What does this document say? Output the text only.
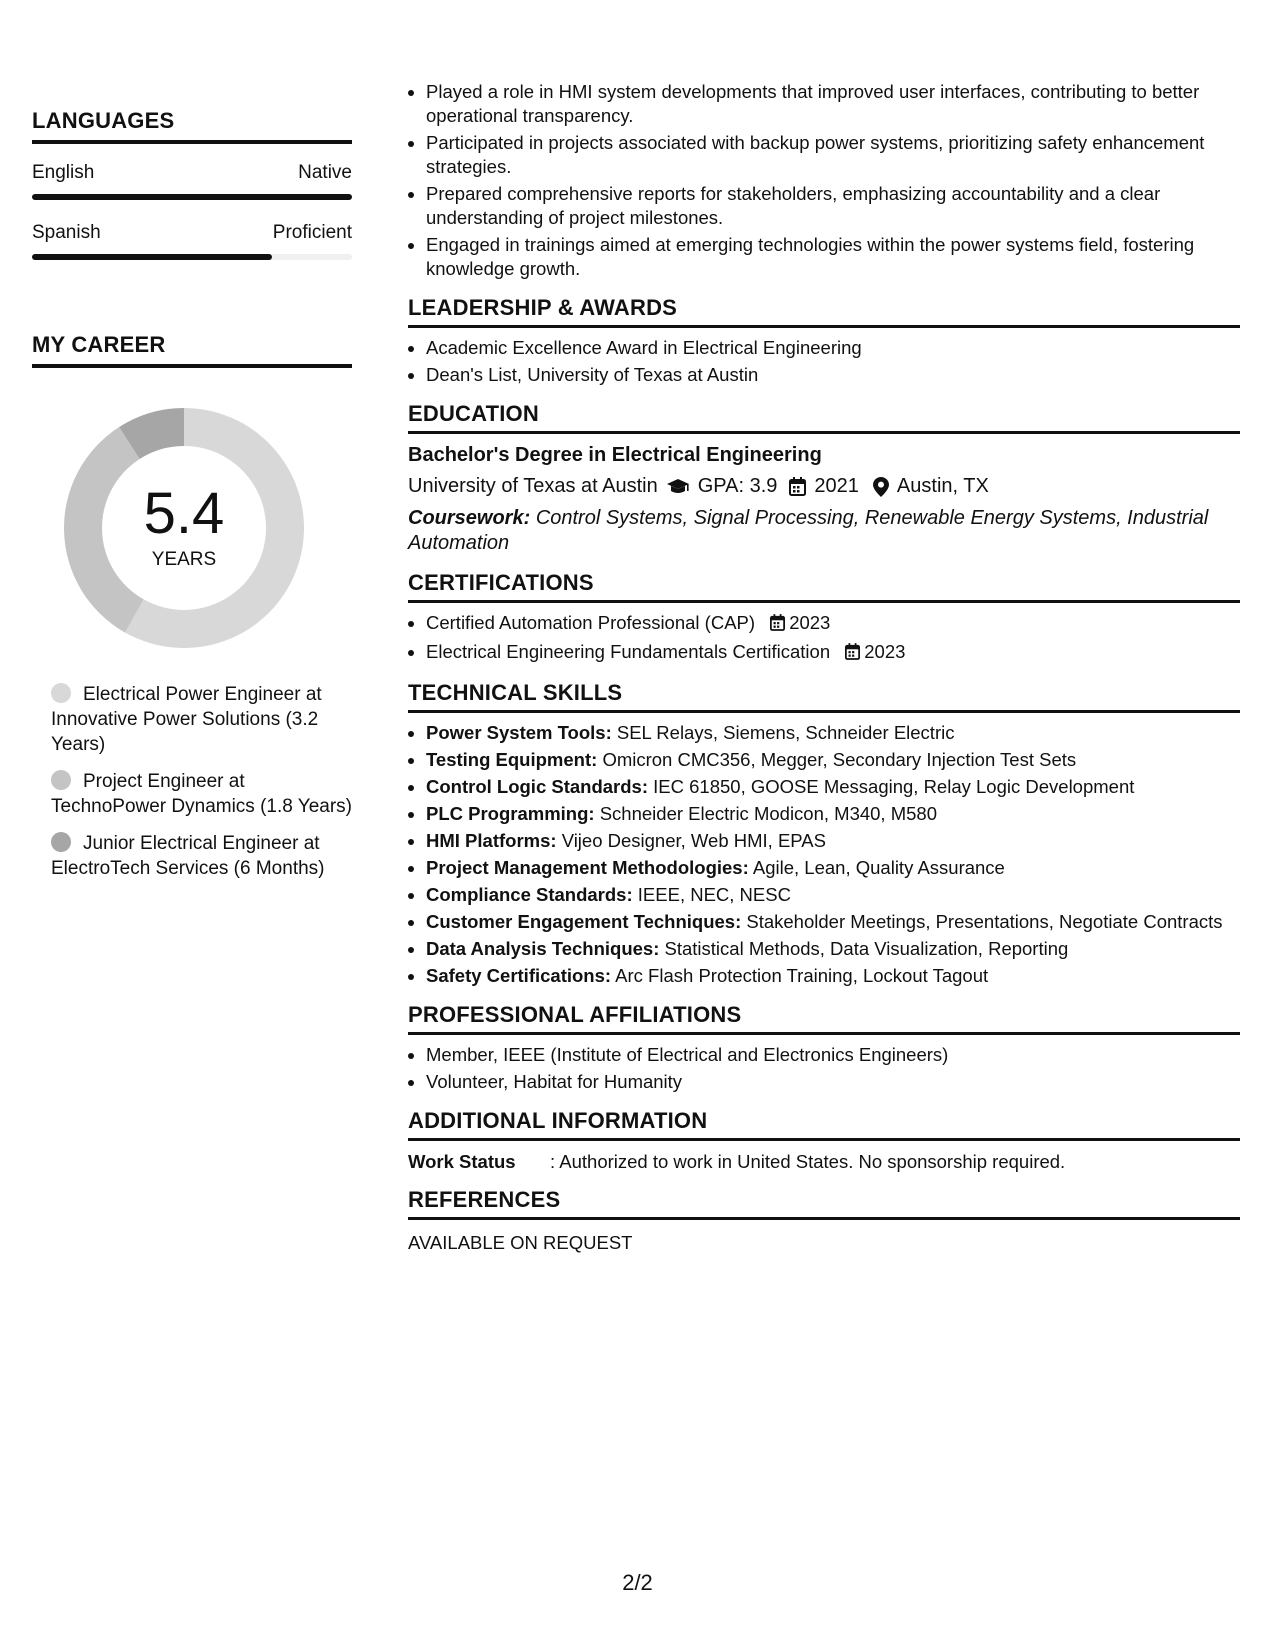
LANGUAGES
English	Native
Spanish	Proficient
MY CAREER
5.4
YEARS
Electrical Power Engineer at Innovative Power Solutions (3.2 Years)
Project Engineer at TechnoPower Dynamics (1.8 Years)
Junior Electrical Engineer at ElectroTech Services (6 Months)
• Played a role in HMI system developments that improved user interfaces, contributing to better operational transparency.
• Participated in projects associated with backup power systems, prioritizing safety enhancement strategies.
• Prepared comprehensive reports for stakeholders, emphasizing accountability and a clear understanding of project milestones.
• Engaged in trainings aimed at emerging technologies within the power systems field, fostering knowledge growth.
LEADERSHIP & AWARDS
• Academic Excellence Award in Electrical Engineering
• Dean's List, University of Texas at Austin
EDUCATION
Bachelor's Degree in Electrical Engineering
University of Texas at Austin GPA: 3.9 2021 Austin, TX
Coursework: Control Systems, Signal Processing, Renewable Energy Systems, Industrial Automation
CERTIFICATIONS
• Certified Automation Professional (CAP) 2023
• Electrical Engineering Fundamentals Certification 2023
TECHNICAL SKILLS
• Power System Tools: SEL Relays, Siemens, Schneider Electric
• Testing Equipment: Omicron CMC356, Megger, Secondary Injection Test Sets
• Control Logic Standards: IEC 61850, GOOSE Messaging, Relay Logic Development
• PLC Programming: Schneider Electric Modicon, M340, M580
• HMI Platforms: Vijeo Designer, Web HMI, EPAS
• Project Management Methodologies: Agile, Lean, Quality Assurance
• Compliance Standards: IEEE, NEC, NESC
• Customer Engagement Techniques: Stakeholder Meetings, Presentations, Negotiate Contracts
• Data Analysis Techniques: Statistical Methods, Data Visualization, Reporting
• Safety Certifications: Arc Flash Protection Training, Lockout Tagout
PROFESSIONAL AFFILIATIONS
• Member, IEEE (Institute of Electrical and Electronics Engineers)
• Volunteer, Habitat for Humanity
ADDITIONAL INFORMATION
Work Status	: Authorized to work in United States. No sponsorship required.
REFERENCES
AVAILABLE ON REQUEST
2/2
